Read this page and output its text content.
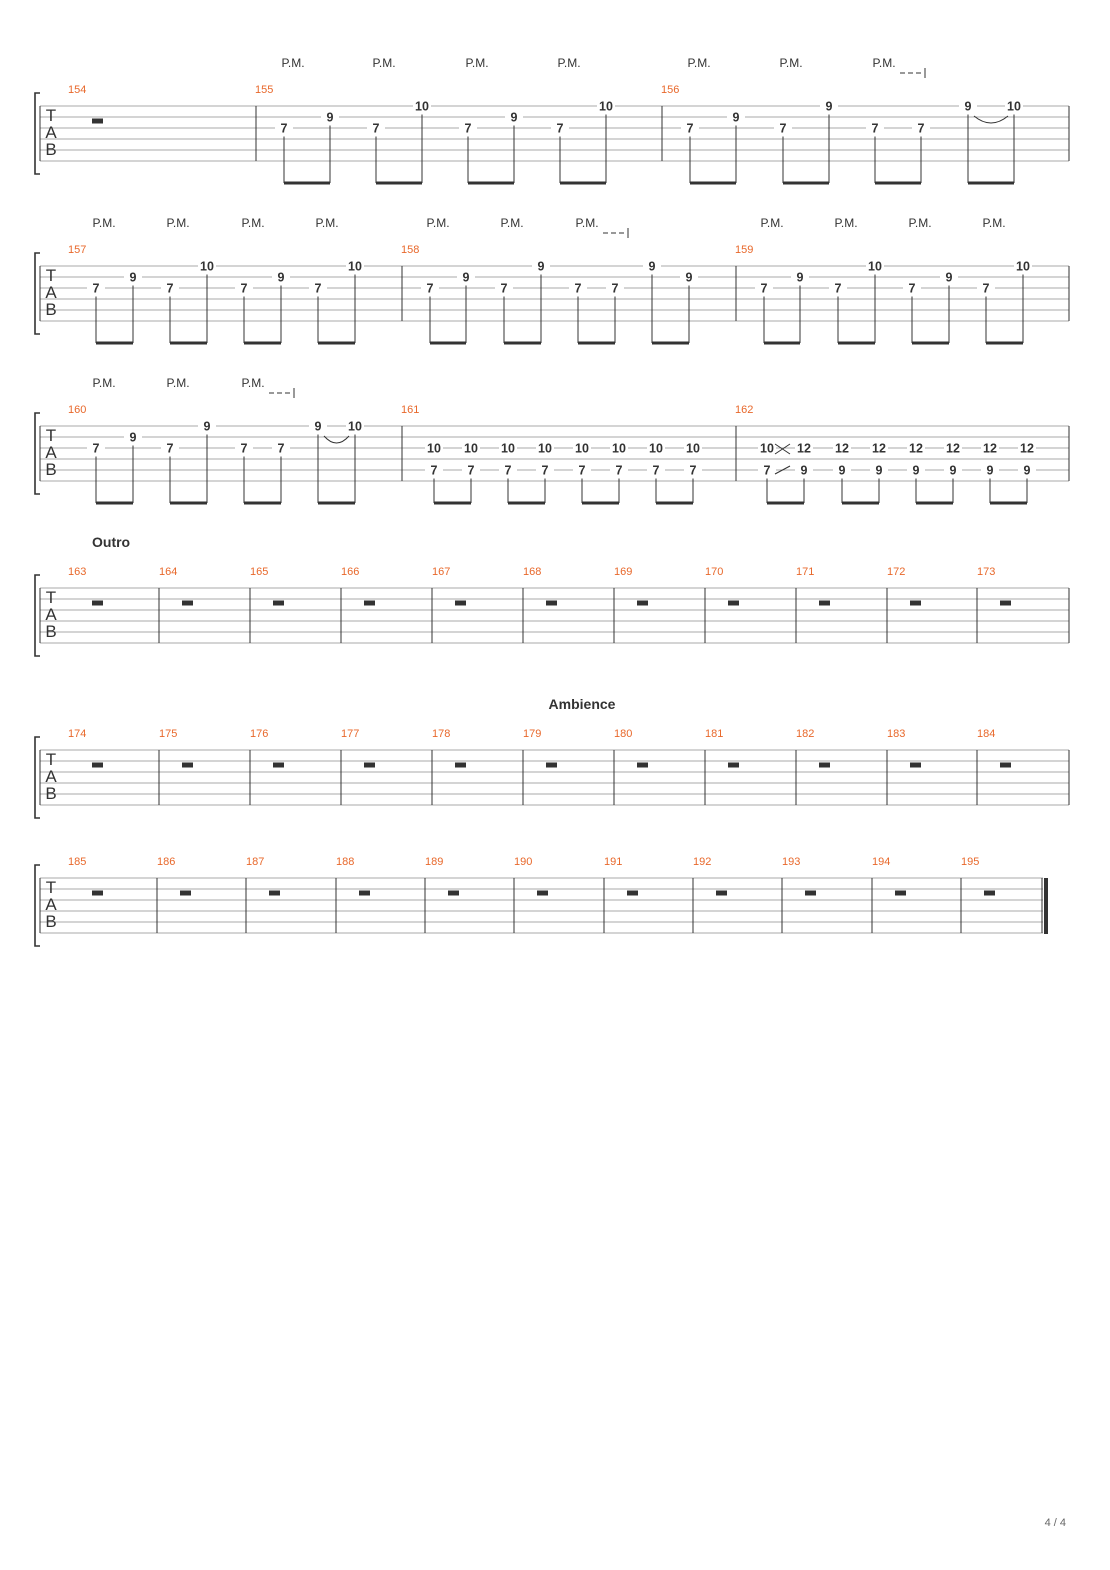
T
A
B
P.M.	P.M.	P.M.	P.M.	P.M.	P.M.	P.M.
154	155
7
9
7
10
7
9
7
10
156
7
9
7
9
7	7
9	10
T
A
B
P.M.	P.M.	P.M.	P.M.	P.M.	P.M.	P.M.	P.M.	P.M.	P.M.	P.M.
157
7
9
7
10
7
9
7
10
158
7
9
7
9
7 7
9
9
159
7
9
7
10
7
9
7
10
T
A
B
P.M.	P.M.	P.M.
160
7
9
7
9
7 7
9 10
161
10
7
10
7
10
7
10
7
10
7
10
7
10
7
10
7
162
10
7
12
9
12
9
12
9
12
9
12
9
12
9
12
9
T
A
B
Outro
163	164	165	166	167	168	169	170	171	172	173
T
A
B
Ambience
174	175	176	177	178	179	180	181	182	183	184
T
A
B
185	186	187	188	189	190	191	192	193	194	195
4 / 4
